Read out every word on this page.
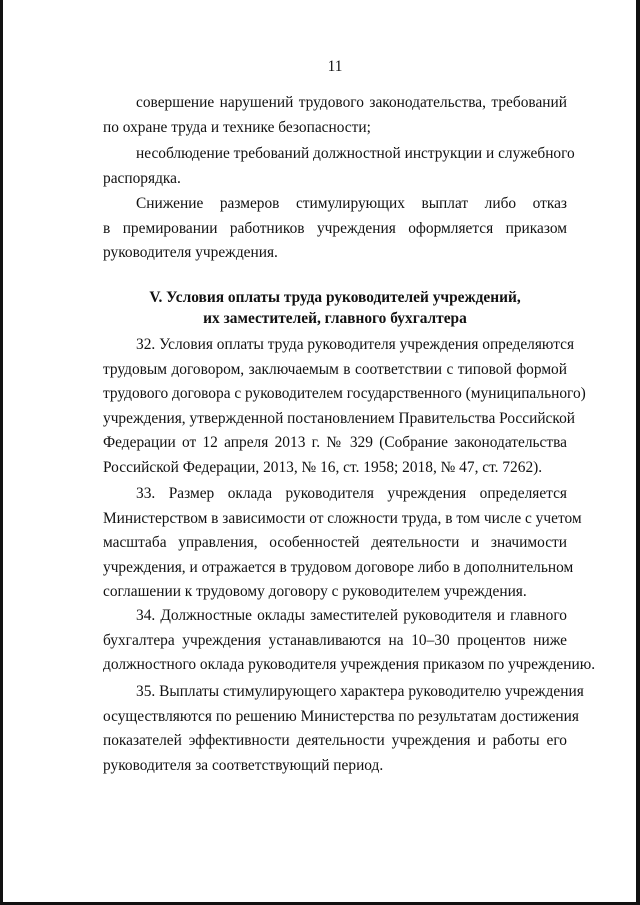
11
совершение нарушений трудового законодательства, требований
по охране труда и технике безопасности;
несоблюдение требований должностной инструкции и служебного
распорядка.
Снижение размеров стимулирующих выплат либо отказ
в премировании работников учреждения оформляется приказом
руководителя учреждения.
V. Условия оплаты труда руководителей учреждений,
их заместителей, главного бухгалтера
32. Условия оплаты труда руководителя учреждения определяются
трудовым договором, заключаемым в соответствии с типовой формой
трудового договора с руководителем государственного (муниципального)
учреждения, утвержденной постановлением Правительства Российской
Федерации от 12 апреля 2013 г. № 329 (Собрание законодательства
Российской Федерации, 2013, № 16, ст. 1958; 2018, № 47, ст. 7262).
33. Размер оклада руководителя учреждения определяется
Министерством в зависимости от сложности труда, в том числе с учетом
масштаба управления, особенностей деятельности и значимости
учреждения, и отражается в трудовом договоре либо в дополнительном
соглашении к трудовому договору с руководителем учреждения.
34. Должностные оклады заместителей руководителя и главного
бухгалтера учреждения устанавливаются на 10–30 процентов ниже
должностного оклада руководителя учреждения приказом по учреждению.
35. Выплаты стимулирующего характера руководителю учреждения
осуществляются по решению Министерства по результатам достижения
показателей эффективности деятельности учреждения и работы его
руководителя за соответствующий период.
